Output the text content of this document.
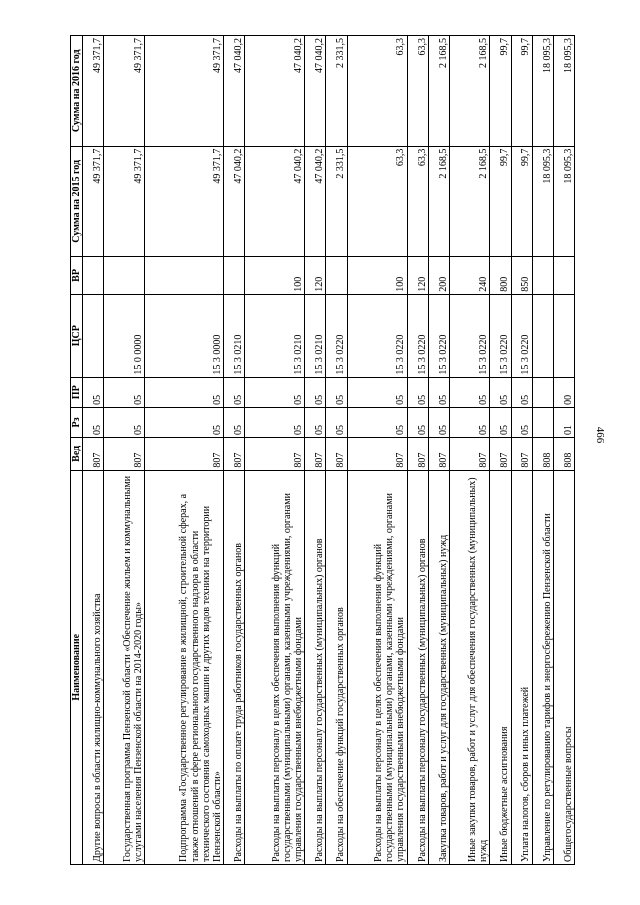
466
Наименование	Вед	Рз	ПР	ЦСР	ВР	Сумма на 2015 год	Сумма на 2016 год
Другие вопросы в области жилищно-коммунального хозяйства	807	05	05			49 371,7	49 371,7
Государственная программа Пензенской области «Обеспечение жильем и коммунальными услугами населения Пензенской области на 2014-2020 годы»	807	05	05	15 0 0000		49 371,7	49 371,7
Подпрограмма «Государственное регулирование в жилищной, строительной сферах, а также отношений в сфере регионального государственного надзора в области технического состояния самоходных машин и других видов техники на территории Пензенской области»	807	05	05	15 3 0000		49 371,7	49 371,7
Расходы на выплаты по оплате труда работников государственных органов	807	05	05	15 3 0210		47 040,2	47 040,2
Расходы на выплаты персоналу в целях обеспечения выполнения функций государственными (муниципальными) органами, казенными учреждениями, органами управления государственными внебюджетными фондами	807	05	05	15 3 0210	100	47 040,2	47 040,2
Расходы на выплаты персоналу государственных (муниципальных) органов	807	05	05	15 3 0210	120	47 040,2	47 040,2
Расходы на обеспечение функций государственных органов	807	05	05	15 3 0220		2 331,5	2 331,5
Расходы на выплаты персоналу в целях обеспечения выполнения функций государственными (муниципальными) органами, казенными учреждениями, органами управления государственными внебюджетными фондами	807	05	05	15 3 0220	100	63,3	63,3
Расходы на выплаты персоналу государственных (муниципальных) органов	807	05	05	15 3 0220	120	63,3	63,3
Закупка товаров, работ и услуг для государственных (муниципальных) нужд	807	05	05	15 3 0220	200	2 168,5	2 168,5
Иные закупки товаров, работ и услуг для обеспечения государственных (муниципальных) нужд	807	05	05	15 3 0220	240	2 168,5	2 168,5
Иные бюджетные ассигнования	807	05	05	15 3 0220	800	99,7	99,7
Уплата налогов, сборов и иных платежей	807	05	05	15 3 0220	850	99,7	99,7
Управление по регулированию тарифов и энергосбережению Пензенской области	808					18 095,3	18 095,3
Общегосударственные вопросы	808	01	00			18 095,3	18 095,3
